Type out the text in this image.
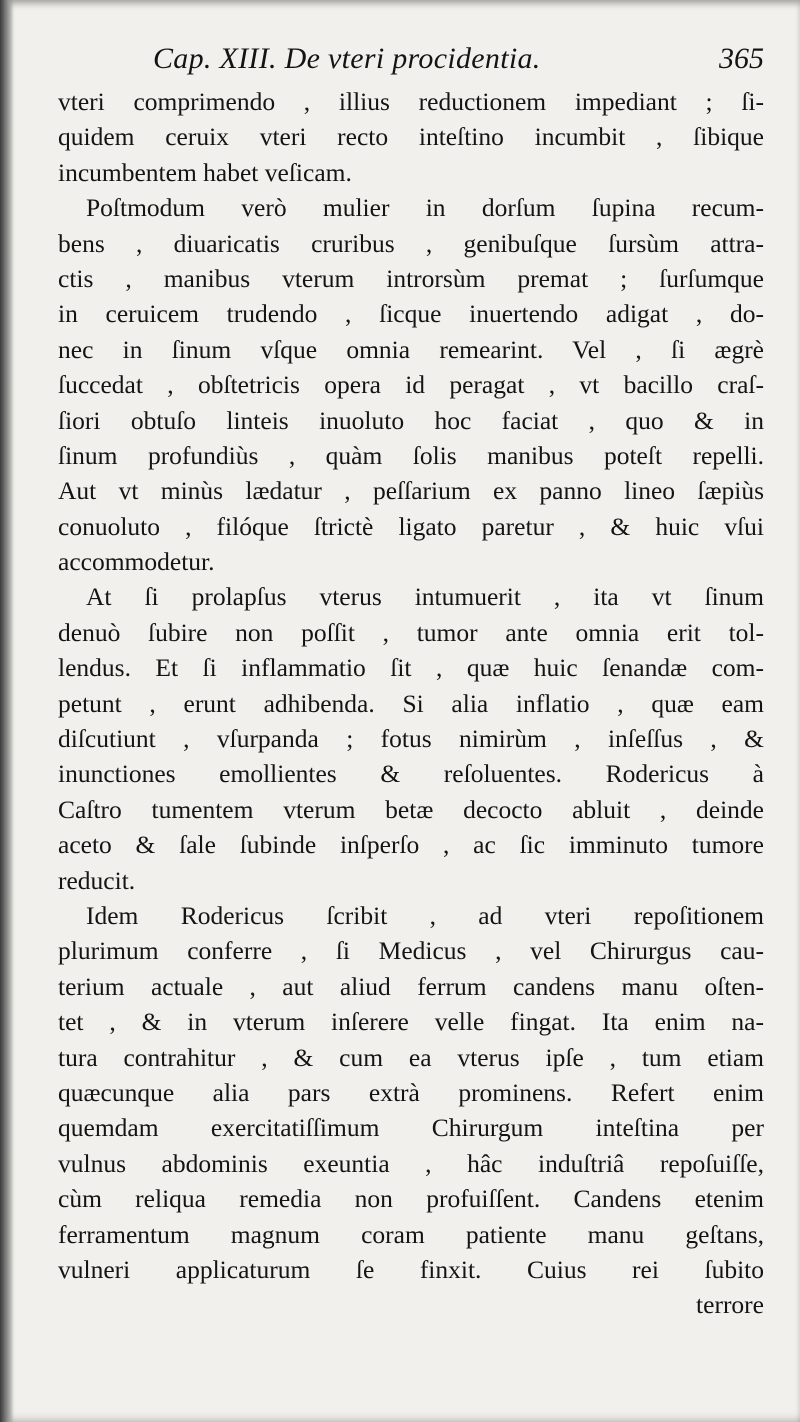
Cap. XIII. De vteri procidentia.	365
vteri comprimendo , illius reductionem impediant ; ſi-
quidem ceruix vteri recto inteſtino incumbit , ſibique
incumbentem habet veſicam.
Poſtmodum verò mulier in dorſum ſupina recum-
bens , diuaricatis cruribus , genibuſque ſursùm attra-
ctis , manibus vterum introrsùm premat ; ſurſumque
in ceruicem trudendo , ſicque inuertendo adigat , do-
nec in ſinum vſque omnia remearint. Vel , ſi ægrè
ſuccedat , obſtetricis opera id peragat , vt bacillo craſ-
ſiori obtuſo linteis inuoluto hoc faciat , quo & in
ſinum profundiùs , quàm ſolis manibus poteſt repelli.
Aut vt minùs lædatur , peſſarium ex panno lineo ſæpiùs
conuoluto , filóque ſtrictè ligato paretur , & huic vſui
accommodetur.
At ſi prolapſus vterus intumuerit , ita vt ſinum
denuò ſubire non poſſit , tumor ante omnia erit tol-
lendus. Et ſi inflammatio ſit , quæ huic ſenandæ com-
petunt , erunt adhibenda. Si alia inflatio , quæ eam
diſcutiunt , vſurpanda ; fotus nimirùm , inſeſſus , &
inunctiones emollientes & reſoluentes. Rodericus à
Caſtro tumentem vterum betæ decocto abluit , deinde
aceto & ſale ſubinde inſperſo , ac ſic imminuto tumore
reducit.
Idem Rodericus ſcribit , ad vteri repoſitionem
plurimum conferre , ſi Medicus , vel Chirurgus cau-
terium actuale , aut aliud ferrum candens manu oſten-
tet , & in vterum inſerere velle fingat. Ita enim na-
tura contrahitur , & cum ea vterus ipſe , tum etiam
quæcunque alia pars extrà prominens. Refert enim
quemdam exercitatiſſimum Chirurgum inteſtina per
vulnus abdominis exeuntia , hâc induſtriâ repoſuiſſe,
cùm reliqua remedia non profuiſſent. Candens etenim
ferramentum magnum coram patiente manu geſtans,
vulneri applicaturum ſe finxit. Cuius rei ſubito
terrore
